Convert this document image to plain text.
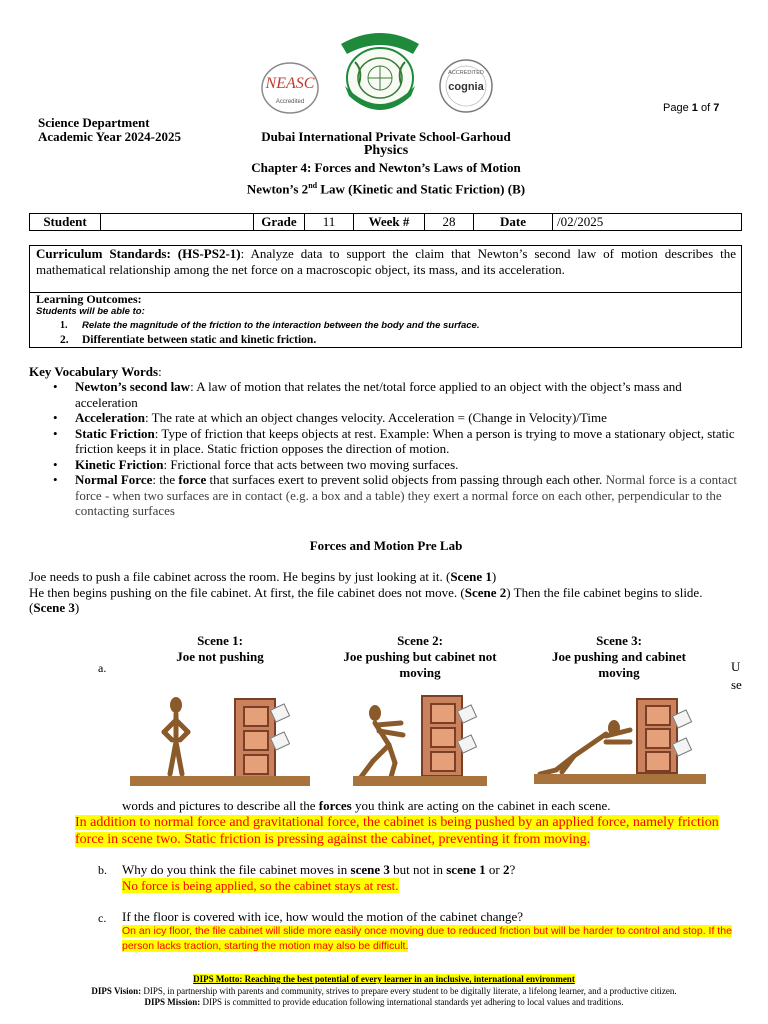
NEASC
Accredited
ACCREDITED
cognia
Page 1 of 7
Science Department
Academic Year 2024-2025	Dubai International Private School-Garhoud
Physics
Chapter 4: Forces and Newton’s Laws of Motion
Newton’s 2nd Law (Kinetic and Static Friction) (B)
Student		Grade	11	Week #	28	Date	/02/2025
Curriculum Standards: (HS-PS2-1): Analyze data to support the claim that Newton’s second law of motion describes the mathematical relationship among the net force on a macroscopic object, its mass, and its acceleration.
Learning Outcomes:
Students will be able to:
1. Relate the magnitude of the friction to the interaction between the body and the surface.
2. Differentiate between static and kinetic friction.
Key Vocabulary Words:
• Newton’s second law: A law of motion that relates the net/total force applied to an object with the object’s mass and acceleration
• Acceleration: The rate at which an object changes velocity. Acceleration = (Change in Velocity)/Time
• Static Friction: Type of friction that keeps objects at rest. Example: When a person is trying to move a stationary object, static friction keeps it in place. Static friction opposes the direction of motion.
• Kinetic Friction: Frictional force that acts between two moving surfaces.
• Normal Force: the force that surfaces exert to prevent solid objects from passing through each other. Normal force is a contact force - when two surfaces are in contact (e.g. a box and a table) they exert a normal force on each other, perpendicular to the contacting surfaces
Forces and Motion Pre Lab
Joe needs to push a file cabinet across the room. He begins by just looking at it. (Scene 1)
He then begins pushing on the file cabinet. At first, the file cabinet does not move. (Scene 2) Then the file cabinet begins to slide. (Scene 3)
Scene 1:
Joe not pushing
Scene 2:
Joe pushing but cabinet not moving
Scene 3:
Joe pushing and cabinet moving
a.	U
se
words and pictures to describe all the forces you think are acting on the cabinet in each scene.
In addition to normal force and gravitational force, the cabinet is being pushed by an applied force, namely friction force in scene two. Static friction is pressing against the cabinet, preventing it from moving.
b. Why do you think the file cabinet moves in scene 3 but not in scene 1 or 2?
No force is being applied, so the cabinet stays at rest.
c. If the floor is covered with ice, how would the motion of the cabinet change?
On an icy floor, the file cabinet will slide more easily once moving due to reduced friction but will be harder to control and stop. If the person lacks traction, starting the motion may also be difficult.
DIPS Motto: Reaching the best potential of every learner in an inclusive, international environment
DIPS Vision: DIPS, in partnership with parents and community, strives to prepare every student to be digitally literate, a lifelong learner, and a productive citizen.
DIPS Mission: DIPS is committed to provide education following international standards yet adhering to local values and traditions.
